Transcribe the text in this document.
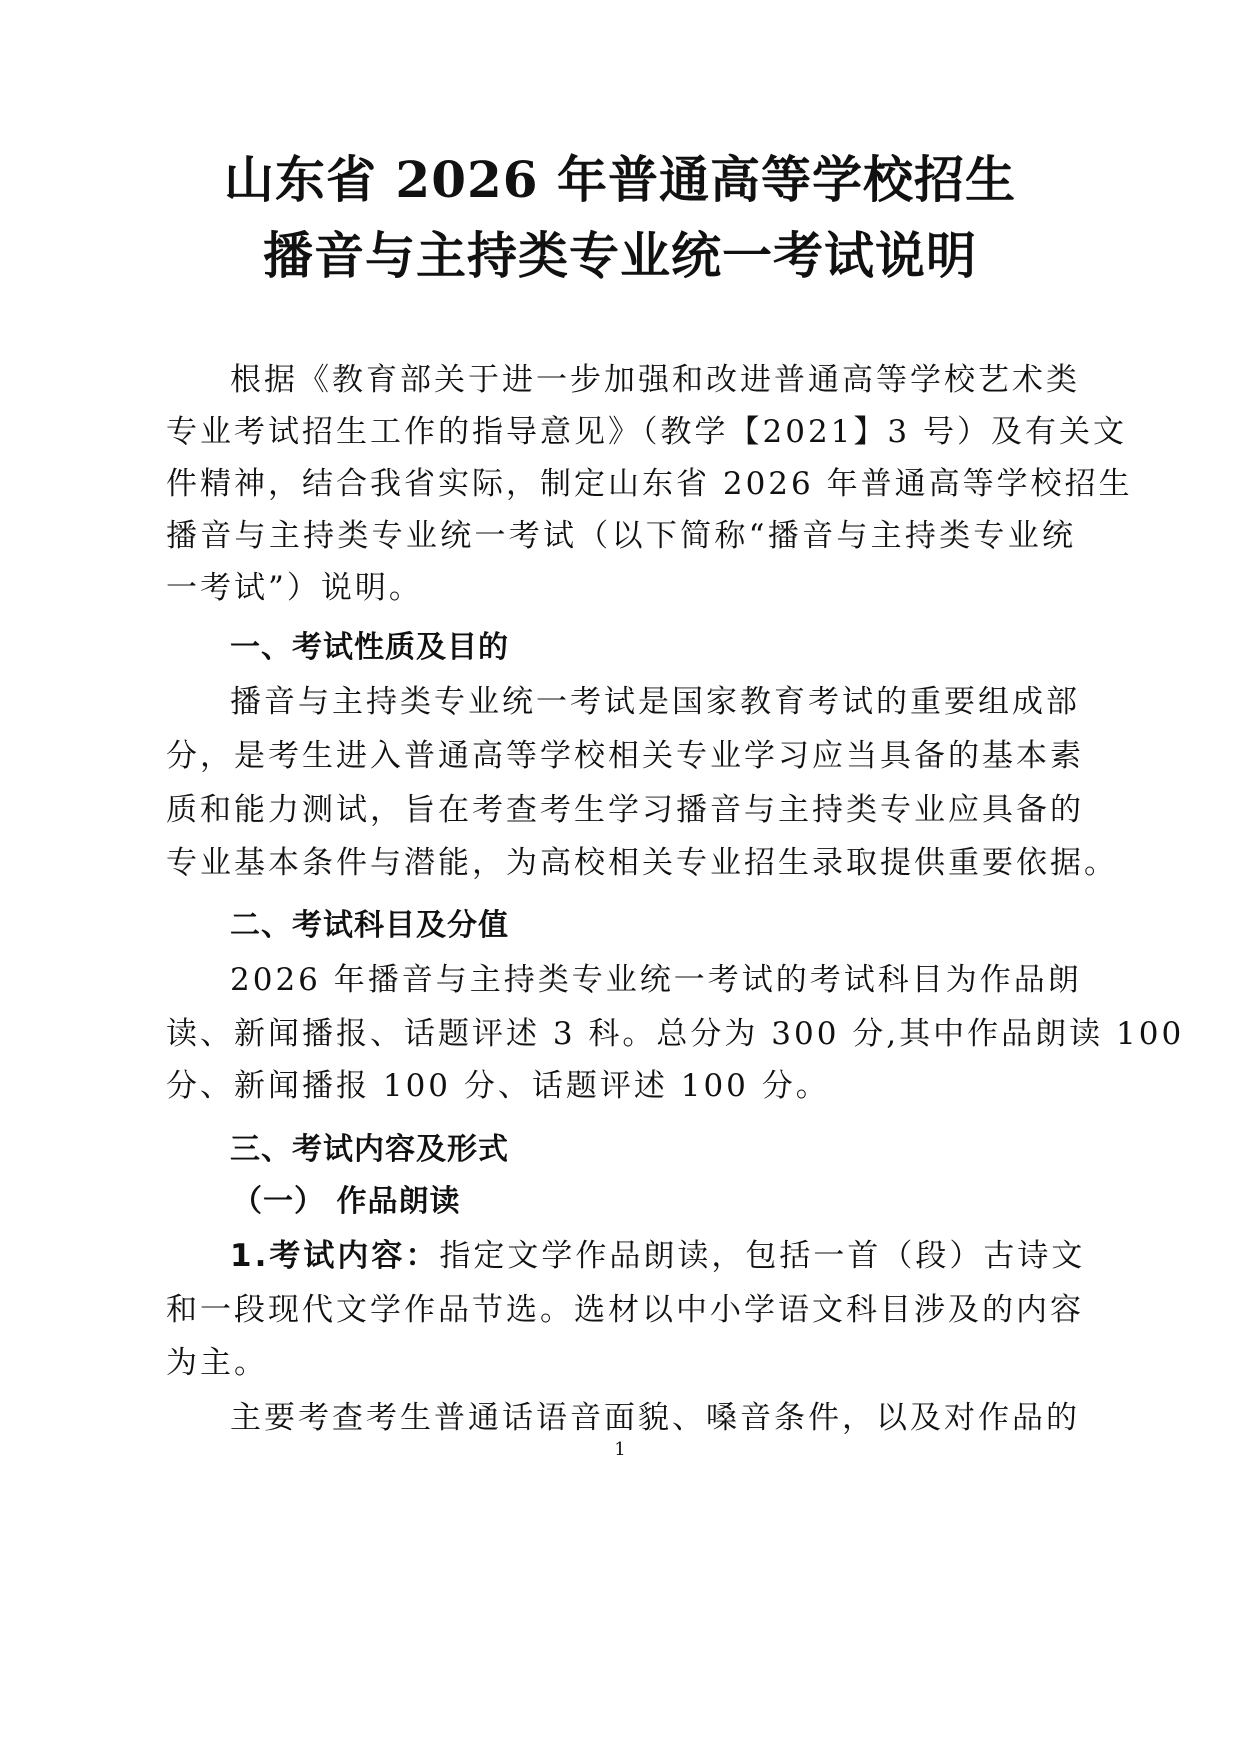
山东省 2026 年普通高等学校招生
播音与主持类专业统一考试说明
根据《教育部关于进一步加强和改进普通高等学校艺术类
专业考试招生工作的指导意见》（教学【2021】3 号）及有关文
件精神，结合我省实际，制定山东省 2026 年普通高等学校招生
播音与主持类专业统一考试（以下简称“播音与主持类专业统
一考试”）说明。
一、考试性质及目的
播音与主持类专业统一考试是国家教育考试的重要组成部
分，是考生进入普通高等学校相关专业学习应当具备的基本素
质和能力测试，旨在考查考生学习播音与主持类专业应具备的
专业基本条件与潜能，为高校相关专业招生录取提供重要依据。
二、考试科目及分值
2026 年播音与主持类专业统一考试的考试科目为作品朗
读、新闻播报、话题评述 3 科。总分为 300 分,其中作品朗读 100
分、新闻播报 100 分、话题评述 100 分。
三、考试内容及形式
（一） 作品朗读
1.考试内容：指定文学作品朗读，包括一首（段）古诗文
和一段现代文学作品节选。选材以中小学语文科目涉及的内容
为主。
主要考查考生普通话语音面貌、嗓音条件，以及对作品的
1
